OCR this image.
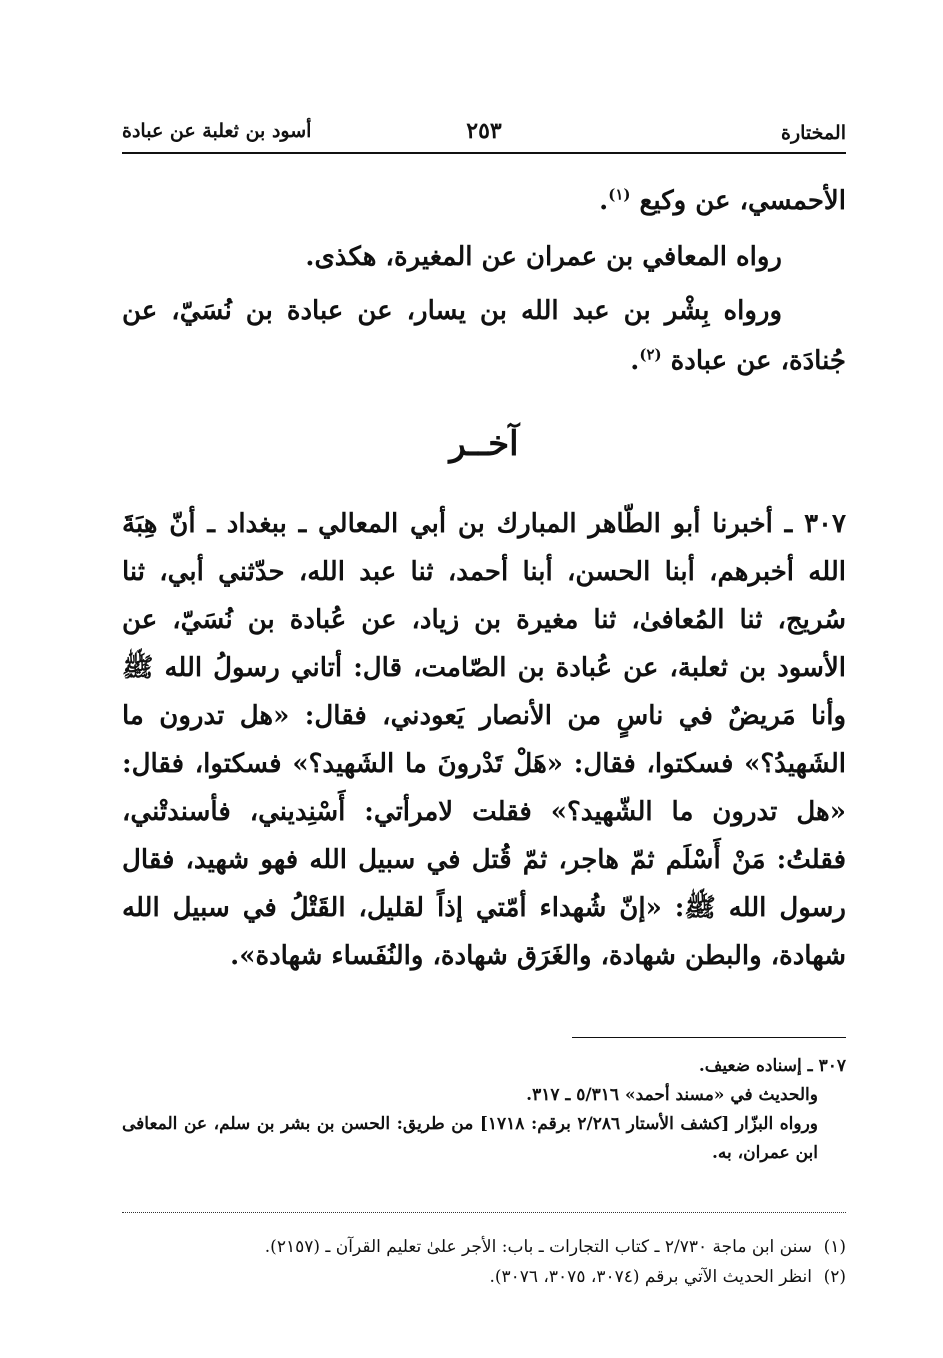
المختارة
٢٥٣
أسود بن ثعلبة عن عبادة

الأحمسي، عن وكيع $^{(١)}$.

رواه المعافي بن عمران عن المغيرة، هكذى.

ورواه بِشْر بن عبد الله بن يسار، عن عبادة بن نُسَيّ، عن جُنادَة، عن عبادة $^{(٢)}$.

آخــر

٣٠٧ ـ أخبرنا أبو الطّاهر المبارك بن أبي المعالي ـ ببغداد ـ أنّ هِبَةَ الله أخبرهم، أبنا الحسن، أبنا أحمد، ثنا عبد الله، حدّثني أبي، ثنا سُريج، ثنا المُعافىٰ، ثنا مغيرة بن زياد، عن عُبادة بن نُسَيّ، عن الأسود بن ثعلبة، عن عُبادة بن الصّامت، قال: أتاني رسولُ الله ﷺ وأنا مَريضٌ في ناسٍ من الأنصار يَعودني، فقال: «هل تدرون ما الشَهيدُ؟» فسكتوا، فقال: «هَلْ تَدْرونَ ما الشَهيد؟» فسكتوا، فقال: «هل تدرون ما الشّهيد؟» فقلت لامرأتي: أَسْنِديني، فأسندتْني، فقلتُ: مَنْ أَسْلَم ثمّ هاجر، ثمّ قُتل في سبيل الله فهو شهيد، فقال رسول الله ﷺ: «إنّ شُهداء أمّتي إذاً لقليل، القَتْلُ في سبيل الله شهادة، والبطن شهادة، والغَرَق شهادة، والنُفَساء شهادة».

٣٠٧ ـ إسناده ضعيف.

والحديث في «مسند أحمد» ٥/٣١٦ ـ ٣١٧.

ورواه البزّار [كشف الأستار ٢/٢٨٦ برقم: ١٧١٨] من طريق: الحسن بن بشر بن سلم، عن المعافى ابن عمران، به.

(١)سنن ابن ماجة ٢/٧٣٠ ـ كتاب التجارات ـ باب: الأجر علىٰ تعليم القرآن ـ (٢١٥٧).

(٢)انظر الحديث الآتي برقم (٣٠٧٤، ٣٠٧٥، ٣٠٧٦).
